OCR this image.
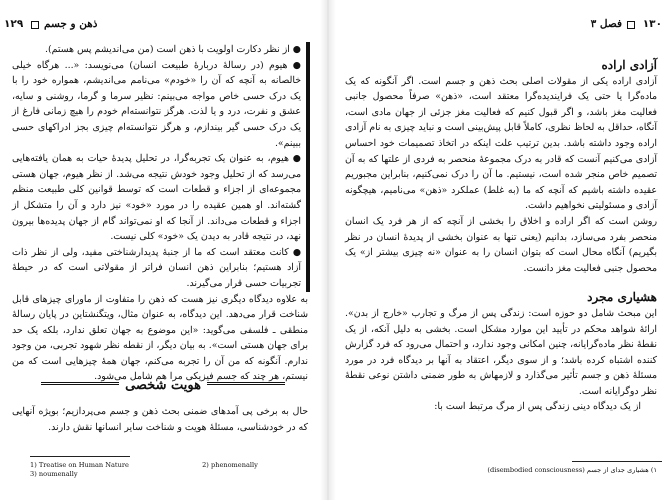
۱۲۹ ذهن و جسم

● از نظر دکارت اولویت با ذهن است (من می‌اندیشم پس هستم).

● هیوم (در رسالهٔ دربارهٔ طبیعت انسان) می‌نویسد: «... هرگاه خیلی خالصانه به آنچه که آن را «خودم» می‌نامم می‌اندیشم، همواره خود را با یک درک حسی خاص مواجه می‌بینم: نظیر سرما و گرما، روشنی و سایه، عشق و نفرت، درد و یا لذت. هرگز نتوانسته‌ام خودم را هیچ زمانی فارغ از یک درک حسی گیر بیندازم، و هرگز نتوانسته‌ام چیزی بجز ادراکهای حسی ببینم».

● هیوم، به عنوان یک تجربه‌گرا، در تحلیل پدیدهٔ حیات به همان یافته‌هایی می‌رسد که از تحلیل وجود خودش نتیجه می‌شد. از نظر هیوم، جهان هستی مجموعه‌ای از اجزاء و قطعات است که توسط قوانین کلی طبیعت منظم گشته‌اند. او همین عقیده را در مورد «خود» نیز دارد و آن را متشکل از اجزاء و قطعات می‌داند. از آنجا که او نمی‌تواند گام از جهان پدیده‌ها بیرون نهد، در نتیجه قادر به دیدن یک «خود» کلی نیست.

● کانت معتقد است که ما از جنبهٔ پدیدارشناختی مفید، ولی از نظر ذات آزاد هستیم؛ بنابراین ذهن انسان فراتر از مقولاتی است که در حیطهٔ تجربیات حسی قرار می‌گیرند.

به علاوه دیدگاه دیگری نیز هست که ذهن را متفاوت از ماورای چیزهای قابل شناخت قرار می‌دهد. این دیدگاه، به عنوان مثال، ویتگنشتاین در پایان رسالهٔ منطقی ـ فلسفی می‌گوید: «این موضوع به جهان تعلق ندارد، بلکه یک حد برای جهان هستی است». به بیان دیگر، از نقطه نظر شهود تجربی، من وجود ندارم. آنگونه که من آن را تجربه می‌کنم، جهان همهٔ چیزهایی است که من نیستم، هر چند که جسم فیزیکی مرا هم شامل می‌شود.

هویت شخصی

حال به برخی پی آمدهای ضمنی بحث ذهن و جسم می‌پردازیم؛ بویژه آنهایی که در خودشناسی، مسئلهٔ هویت و شناخت سایر انسانها نقش دارند.

1) Treatise on Human Nature	2) phenomenally
3) noumenally
۱۳۰
فصل ۳

آزادی اراده

آزادی اراده یکی از مقولات اصلی بحث ذهن و جسم است. اگر آنگونه که یک ماده‌گرا یا حتی یک فرایندیده‌گرا معتقد است، «ذهن» صرفاً محصول جانبی فعالیت مغز باشد، و اگر قبول کنیم که فعالیت مغز جزئی از جهان مادی است، آنگاه، حداقل به لحاظ نظری، کاملاً قابل پیش‌بینی است و نباید چیزی به نام آزادی اراده وجود داشته باشد. بدین ترتیب علت اینکه در اتخاذ تصمیمات خود احساس آزادی می‌کنیم آنست که قادر به درک مجموعهٔ منحصر به فردی از علتها که به آن تصمیم خاص منجر شده است، نیستیم. ما آن را درک نمی‌کنیم، بنابراین مجبوریم عقیده داشته باشیم که آنچه که ما (به غلط) عملکرد «ذهن» می‌نامیم، هیچگونه آزادی و مسئولیتی نخواهیم داشت.

روشن است که اگر اراده و اخلاق را بخشی از آنچه که از هر فرد یک انسان منحصر بفرد می‌سازد، بدانیم (یعنی تنها به عنوان بخشی از پدیدهٔ انسان در نظر بگیریم) آنگاه محال است که بتوان انسان را به عنوان «نه چیزی بیشتر از» یک محصول جنبی فعالیت مغز دانست.

هشیاری مجرد

این مبحث شامل دو حوزه است: زندگی پس از مرگ و تجارب «خارج از بدن». ارائهٔ شواهد محکم در تأیید این موارد مشکل است. بخشی به دلیل آنکه، از یک نقطهٔ نظر ماده‌گرایانه، چنین امکانی وجود ندارد، و احتمال می‌رود که فرد گزارش کننده اشتباه کرده باشد؛ و از سوی دیگر، اعتقاد به آنها بر دیدگاه فرد در مورد مسئلهٔ ذهن و جسم تأثیر می‌گذارد و لازمهاش به طور ضمنی داشتن نوعی نقطهٔ نظر دوگرایانه است.

از یک دیدگاه دینی زندگی پس از مرگ مرتبط است با:

۱) هشیاری جدای از جسم (disembodied consciousness)
